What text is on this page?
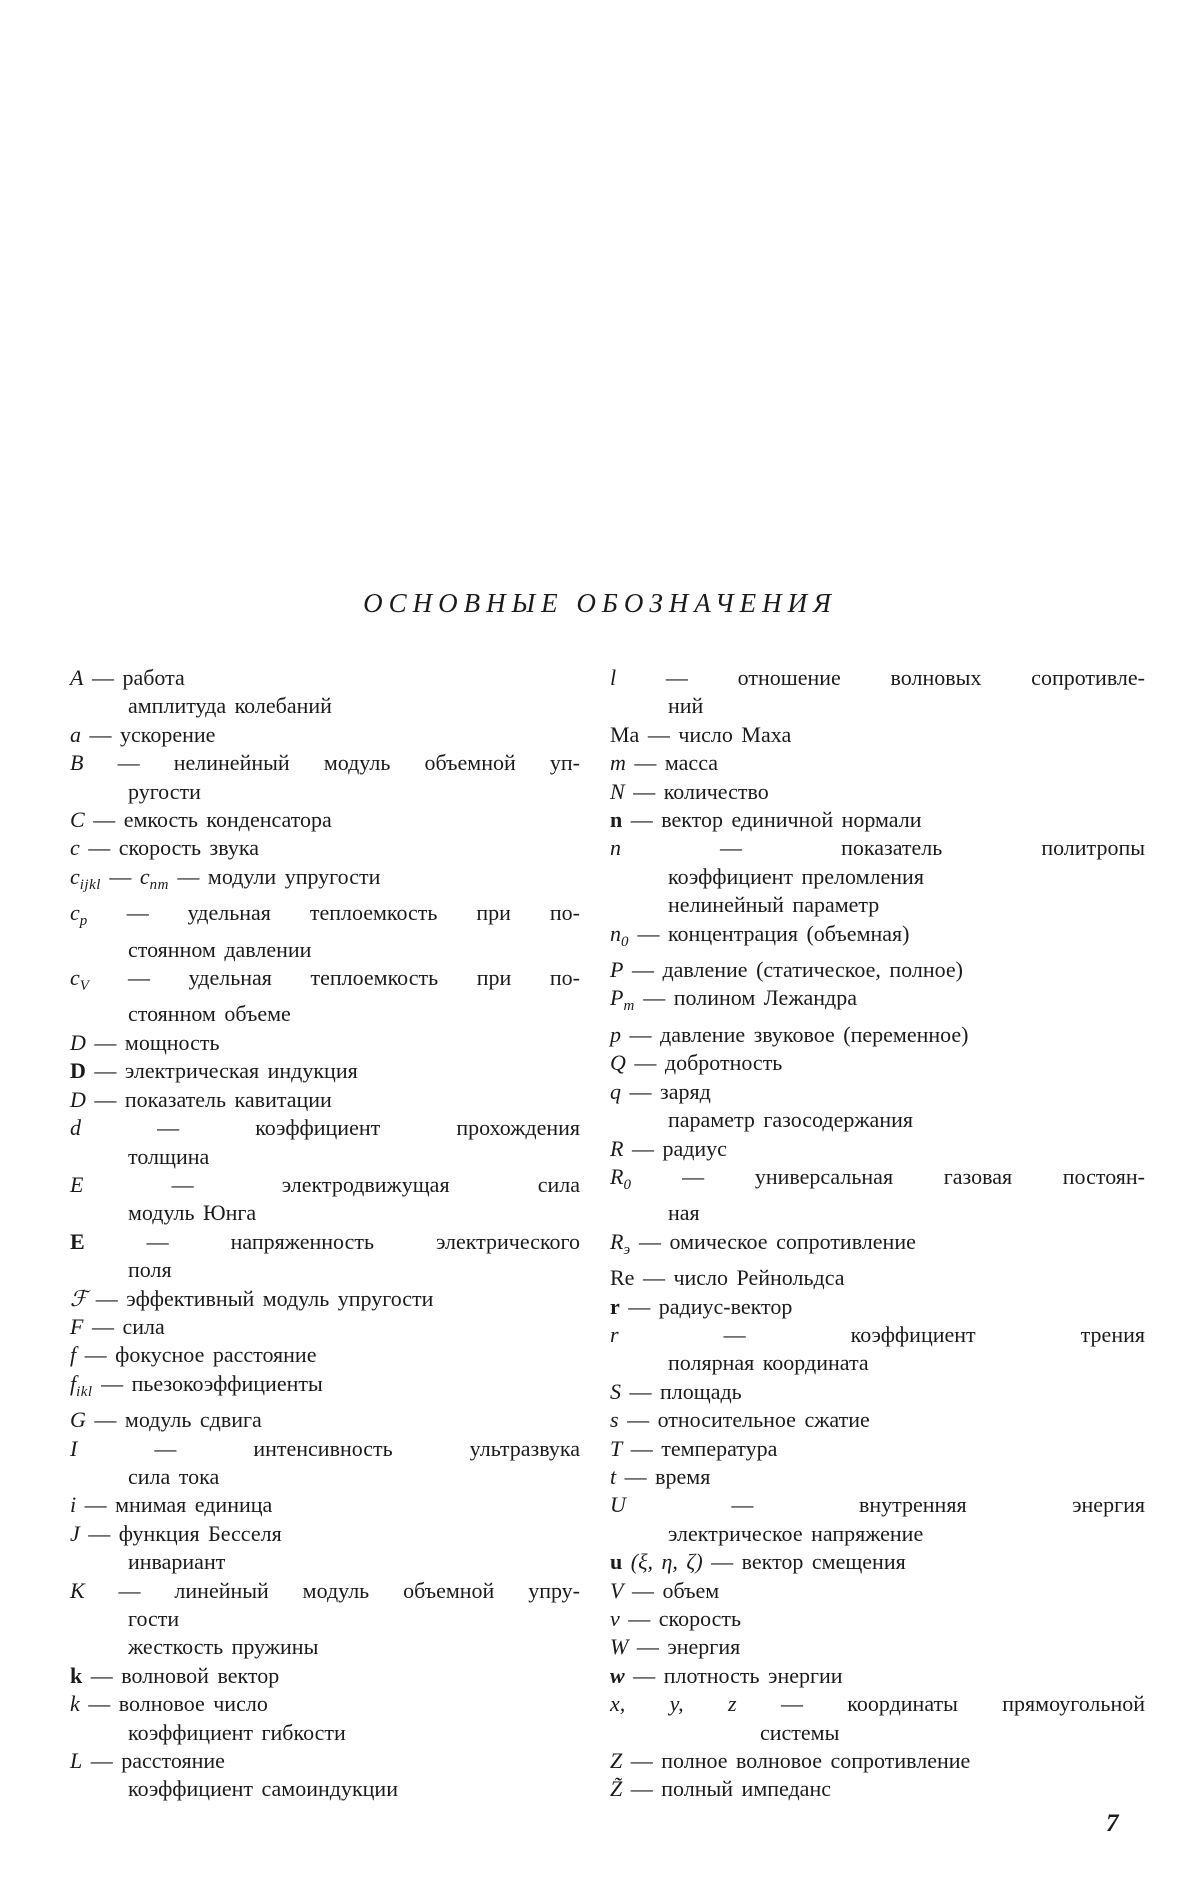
ОСНОВНЫЕ ОБОЗНАЧЕНИЯ
A — работа
амплитуда колебаний
a — ускорение
B — нелинейный модуль объемной уп-
ругости
C — емкость конденсатора
c — скорость звука
$c_{ijkl}$ — $c_{nm}$ — модули упругости
$c_p$ — удельная теплоемкость при по-
стоянном давлении
$c_V$ — удельная теплоемкость при по-
стоянном объеме
D — мощность
D — электрическая индукция
D — показатель кавитации
d — коэффициент прохождения
толщина
E — электродвижущая сила
модуль Юнга
E — напряженность электрического
поля
ℱ — эффективный модуль упругости
F — сила
f — фокусное расстояние
$f_{ikl}$ — пьезокоэффициенты
G — модуль сдвига
I — интенсивность ультразвука
сила тока
i — мнимая единица
J — функция Бесселя
инвариант
K — линейный модуль объемной упру-
гости
жесткость пружины
k — волновой вектор
k — волновое число
коэффициент гибкости
L — расстояние
коэффициент самоиндукции
l — отношение волновых сопротивле-
ний
Ма — число Маха
m — масса
N — количество
n — вектор единичной нормали
n — показатель политропы
коэффициент преломления
нелинейный параметр
$n_0$ — концентрация (объемная)
P — давление (статическое, полное)
$P_m$ — полином Лежандра
p — давление звуковое (переменное)
Q — добротность
q — заряд
параметр газосодержания
R — радиус
$R_0$ — универсальная газовая постоян-
ная
$R_э$ — омическое сопротивление
Re — число Рейнольдса
r — радиус-вектор
r — коэффициент трения
полярная координата
S — площадь
s — относительное сжатие
T — температура
t — время
U — внутренняя энергия
электрическое напряжение
u (ξ, η, ζ) — вектор смещения
V — объем
v — скорость
W — энергия
w — плотность энергии
x, y, z — координаты прямоугольной
системы
Z — полное волновое сопротивление
Z̃ — полный импеданс
7
